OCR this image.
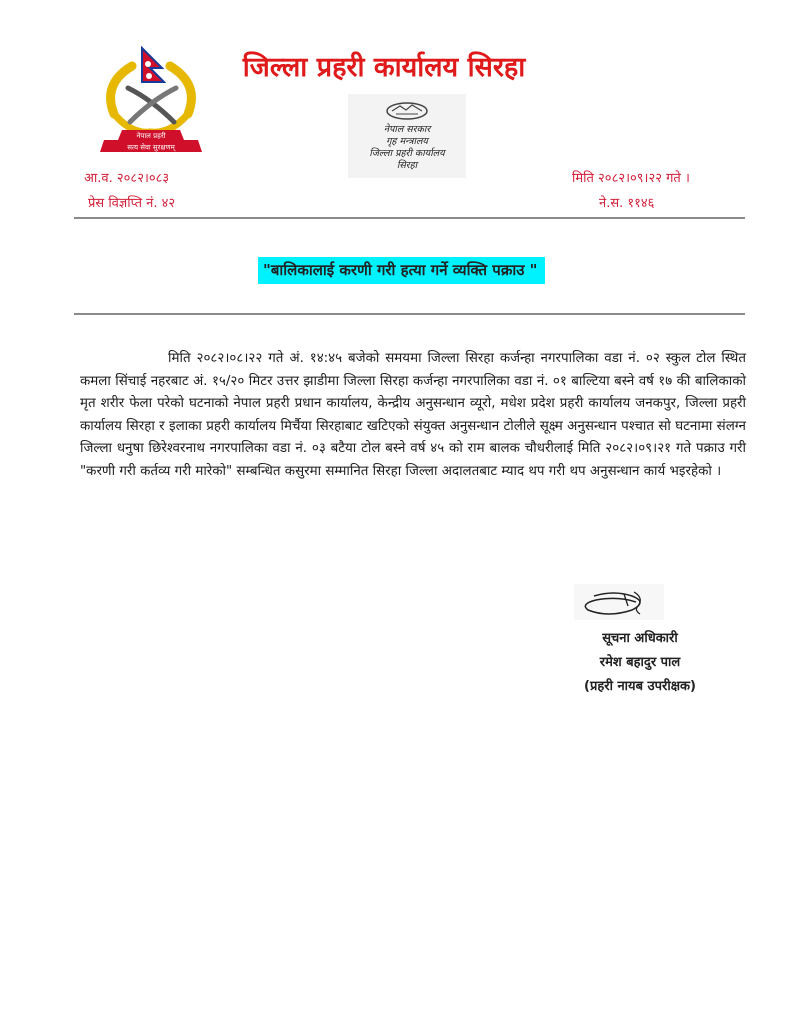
नेपाल प्रहरी
सत्य सेवा सुरक्षणम्
जिल्ला प्रहरी कार्यालय सिरहा
नेपाल सरकार
गृह मन्त्रालय
जिल्ला प्रहरी कार्यालय
सिरहा
आ.व. २०८२।०८३
प्रेस विज्ञप्ति नं. ४२
मिति २०८२।०९।२२ गते ।
ने.स. ११४६
"बालिकालाई करणी गरी हत्या गर्ने व्यक्ति पक्राउ "
मिति २०८२।०८।२२ गते अं. १४:४५ बजेको समयमा जिल्ला सिरहा कर्जन्हा नगरपालिका वडा नं. ०२ स्कुल टोल स्थित कमला सिंचाई नहरबाट अं. १५/२० मिटर उत्तर झाडीमा जिल्ला सिरहा कर्जन्हा नगरपालिका वडा नं. ०१ बाल्टिया बस्ने वर्ष १७ की बालिकाको मृत शरीर फेला परेको घटनाको नेपाल प्रहरी प्रधान कार्यालय, केन्द्रीय अनुसन्धान व्यूरो, मधेश प्रदेश प्रहरी कार्यालय जनकपुर, जिल्ला प्रहरी कार्यालय सिरहा र इलाका प्रहरी कार्यालय मिर्चैया सिरहाबाट खटिएको संयुक्त अनुसन्धान टोलीले सूक्ष्म अनुसन्धान पश्चात सो घटनामा संलग्न जिल्ला धनुषा छिरेश्वरनाथ नगरपालिका वडा नं. ०३ बटैया टोल बस्ने वर्ष ४५ को राम बालक चौधरीलाई मिति २०८२।०९।२१ गते पक्राउ गरी "करणी गरी कर्तव्य गरी मारेको" सम्बन्धित कसुरमा सम्मानित सिरहा जिल्ला अदालतबाट म्याद थप गरी थप अनुसन्धान कार्य भइरहेको ।
सूचना अधिकारी
रमेश बहादुर पाल
(प्रहरी नायब उपरीक्षक)
